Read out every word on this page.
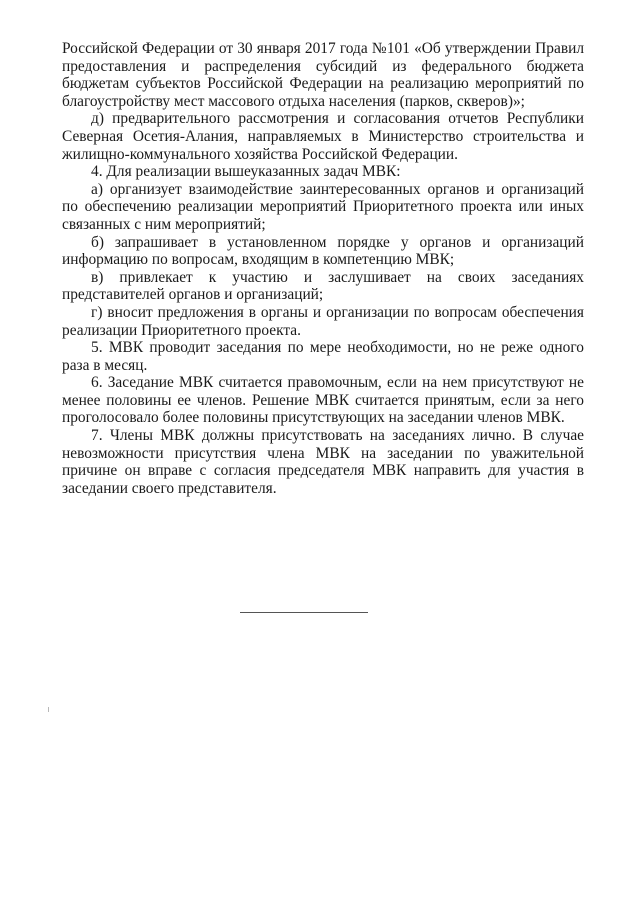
Российской Федерации от 30 января 2017 года №101 «Об утверждении Правил предоставления и распределения субсидий из федерального бюджета бюджетам субъектов Российской Федерации на реализацию мероприятий по благоустройству мест массового отдыха населения (парков, скверов)»;

д) предварительного рассмотрения и согласования отчетов Республики Северная Осетия-Алания, направляемых в Министерство строительства и жилищно-коммунального хозяйства Российской Федерации.

4. Для реализации вышеуказанных задач МВК:

а) организует взаимодействие заинтересованных органов и организаций по обеспечению реализации мероприятий Приоритетного проекта или иных связанных с ним мероприятий;

б) запрашивает в установленном порядке у органов и организаций информацию по вопросам, входящим в компетенцию МВК;

в) привлекает к участию и заслушивает на своих заседаниях представителей органов и организаций;

г) вносит предложения в органы и организации по вопросам обеспечения реализации Приоритетного проекта.

5. МВК проводит заседания по мере необходимости, но не реже одного раза в месяц.

6. Заседание МВК считается правомочным, если на нем присутствуют не менее половины ее членов. Решение МВК считается принятым, если за него проголосовало более половины присутствующих на заседании членов МВК.

7. Члены МВК должны присутствовать на заседаниях лично. В случае невозможности присутствия члена МВК на заседании по уважительной причине он вправе с согласия председателя МВК направить для участия в заседании своего представителя.
